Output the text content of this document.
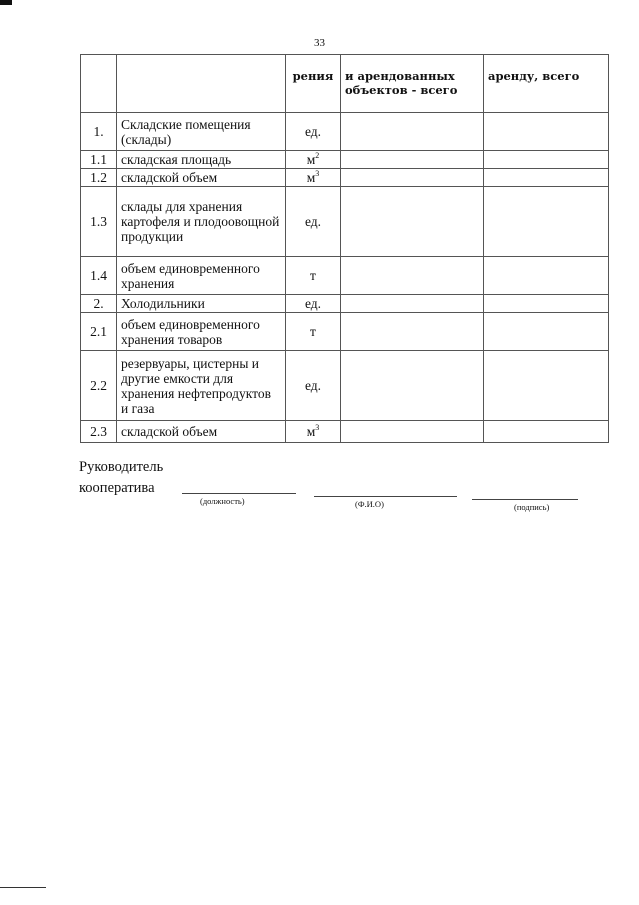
33
		рения	и арендованных объектов - всего	аренду, всего
1.	Складские помещения (склады)	ед.		
1.1	складская площадь	$м^2$		
1.2	складской объем	$м^3$		
1.3	склады для хранения картофеля и плодоовощной продукции	ед.		
1.4	объем единовременного хранения	т		
2.	Холодильники	ед.		
2.1	объем единовременного хранения товаров	т		
2.2	резервуары, цистерны и другие емкости для хранения нефтепродуктов и газа	ед.		
2.3	складской объем	$м^3$		
Руководитель
кооператива
(должность)	(Ф.И.О)	(подпись)
